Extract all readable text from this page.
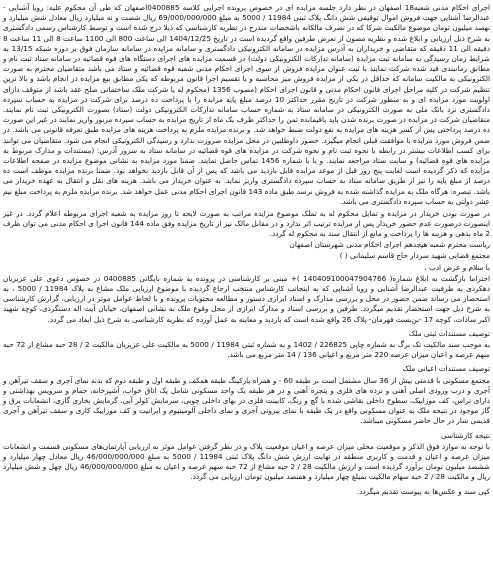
اجرای احکام مدنی شعبه18 اصفهان در نظر دارد جلسه مزایده ای در خصوص پرونده اجرایی کلاسه 0400885اصفهان که طی آن محکوم علیه: رویا آشنایی - عبدالرضا آشنایی جهت فروش اموال توقیفی شش دانگ پلاک ثبتی 11984 / 5000 به مبلغ 69/000/000/000 ریال شصت و نه میلیارد ریال معادل شش میلیارد و نهصد میلیون تومان موضوع مالکیت شرکا که در تصرف مالکانه باشخصات مندرج در نظریه کارشناسی که ذیلا درج شده است و توسط کارشناس رسمی دادگستری به شرح ذیل ارزیابی و ابلاغ شده و نظریه مصون از تعرض طرفین واقع گردیده است در تاریخ 1404/12/25 الی ساعت 800 الی 1100 ساعت 8 الی 11 ساعت 8 دقیقه الی 11 دقیقه که متقاضی و خریداران به آدرس مزایده در سامانه الکترونیکی دادگستری و سامانه مزایده در سامانه سازمان فوق بر دوره شبکه 13/15 به شرایط زمان رسیدگی به سامانه ثبت مزایده (سامانه تدارکات الکترونیکی دولت) در قسمت مزایده های اجرای دستگاه های قوه قضائیه در سامانه ستاد ثبت نام و مطابق زمانبندی قید شده شرکت نمایند با ثبت عنوان مزایده فروش از سوی اجرای احکام مدنی شعبه قوه قضائیه و ستاد می باشد متقاضیان محترم به صورت الکترونیکی به مالکیت سامانه که حداقل در یکی از مزایده فروش میز محاسبه و یا تقسیم اجرا قانون مربوطه که یکی مطابق بیع مزایده در انجام باشد و بالا ترین تنظیم شرکت در کلیه مراحل اجرای قانون احکام مدنی و قانون اجرای احکام (مصوب 1356 (محکوم له یا شرکت ملک ساختمانی صلح عقد باشد از متوقف دارای اولویت مورد مزایده ای و به منظور شرکت در تاریخ مقرر حداکثر 10 درصد مبلغ پایه مزایده را با پرداخت ده درصد برای شرکت در مزایده به حساب سپرده دادگستری نزد بانک ملی به صورت الکترونیکی در سامانه ستاد به شماره حساب سامانه تدارکات الکترونیکی دولت (ستاد) بصورت الکترونیکی ثبت نام نمایند. متقاضیان شرکت در مزایده در صورت برنده شدن باید باقیمانده ثمن را حداکثر ظرف یک ماه از تاریخ مزایده به حساب سپرده مزبور واریز نمایند در غیر این صورت ده درصد پرداختی پس از کسر هزینه های مزایده به نفع دولت ضبط خواهد شد. و برنده مزایده ملزم به پرداخت هزینه های مزایده طبق تعرفه قانونی می باشد. در ضمن فروش مورد مزایده با موافقت قبلی انجام میگیرد. حضور داوطلبین در محل مزایده ضرورت ندارد و رسیدگی الکترونیکی انجام می شود. متقاضیان می توانند برای کسب اطلاعات بیشتر در رابطه با نحوه ثبت نام و نحوه شرکت در مزایده های قوه قضائیه در سامانه ستاد به سرور آدرس: (مستندات و مدارک مربوط به مزایده های قوه قضائیه) و سایت ستاد مراجعه نمایند. و یا با شماره 1456 تماس حاصل نمایند. ضمنا مورد مزایده به نشانی موضوع مزایده در صفحه اطلاعات مزایده که ذکر گردیده است لغایت پنج روز قبل از موعد مزایده قابل بازدید می باشد که پس از آن قابل بازدید نخواهد بود. ضمنا برنده مزایده موظف است ده درصد از مبلغ پایه را نیز از طریق سامانه ستاد به حساب سپرده دادگستری واریز نماید. به عنوان خریدار می باشد. هزینه های نقل و انتقال به عهده خریدار می باشد. تبصره: هرگاه ملک به مزایده گذاشته شده به فروش نرسد طبق ماده 143 قانون اجرای احکام مدنی عمل خواهد شد. برنده مزایده ملزم به پرداخت مبلغ نیم عشر دولتی به حساب سپرده دادگستری می باشد.

در صورت بودن خریدار در مزایده و تمایل محکوم له به تملک موضوع مزایده مراتب به صورت لایحه تا روز مزایده به شعبه اجرای مربوطه اعلام گردد. در غیر اینصورت درصورت عدم حضور خریدار پس از مزایده ترتیب اثر ندارد و در مقابل مالک نیز از تاریخ مزایده وفق ماده 144 قانون اجرا ی احکام مدنی می توان ظرف 2 ماه بدهی و هزینه ها را پرداخت و مانع از انتقال سند به محکوم له گردد.

ریاست محترم شعبه هیجدهم اجرای احکام مدنی شهرستان اصفهان
مجتمع قضایی شهید سردار حاج قاسم سلیمانی ( )
با سلام و عرض ادب ،

احتراما بازگشت به ابلاغ شماره( 140409100047904766 )+ مبنی بر کارشناسی در پرونده به شماره بایگانی 0400885 در خصوص دعوی علی عزیزیان دهکردی به طرفیت عبدالرضا آشنایی و رویا آشنایی که به اینجانب کارشناس منتخب ارجاع گردیده با موضوع ارزیابی ملک مشاع به پلاک 11984 / 5000 ، به استحضار می رساند ضمن حضور در محل و بررسی مدارک و اسناد ابرازی دستور و مطالعه محتویات پرونده و با لحاظ عوامل موثر در ارزیابی، گزارش کارشناسی به شرح ذیل جهت استحضار تقدیم میگردد. طرفین و بررسی اسناد و مدارک ابرازی از محل وقوع ملک به نشانی اصفهان، خیابان آیت اله دستگردی، کوچه شهید اکبر سادات، کوچه 17 -بن‌بست فهرمان- پلاک 26 واقع شده است که بازدید و معاینه به عمل آورده که نظریه کارشناسی به شرح ذیل ایفاد می گردد.

توصیف مستندات ثبتی ملک

به موجب سند مالکیت تک برگ به شماره چاپی 226825 / 1402 و به شماره ثبتی 11984 / 5000 به مالکیت علی عزیزیان مالکیت 2 / 28 حبه مشاع از 72 حبه سهم عرصه و اعیان میزان عرصه 220 متر مربع و اعیانی 136 / 14 متر مربع می باشد.

توصیف مستندات اعیانی ملک

مجتمع مسکونی با قدمتی بیش از 36 سال مشتمل است بر طبقه 60 - و همراه پارکینگ طبقه همکف و طبقه اول و طبقه دوم که بدنه نمای آجری و سقف تیرآهن و آجری و درب ورودی اصلی آهنی و نرده های فلزی و پنجره آهنی و در هر طبقه یک واحد مسکونی شامل یک اتاق خواب، آشپزخانه، حمام و سرویس بهداشتی و دارای تراس، کف موزاییک، سطوح داخلی نقاشی شده با گچ و رنگ، کابینت فلزی در بهای داخلی چوبی، سرمایش کولر آبی، گرمایش بخاری گازی، انشعابات برق و گاز موجود در نتیجه ملک به عنوان مسکونی واقع در یک طبقه با نمای بیرونی آجری و نمای داخلی آلومینیوم و ایرانیت و کف موزاییک کاری و سقف تیرآهن و آجری قدیمی ساز در حال حاضر مسکونی میباشد.

نتیجه کارشناسی

با توجه به موارد فوق الذکر و موقعیت محلی میزان عرصه و اعیان موقعیت پلاک و در نظر گرفتن عوامل موثر به ارزیابی آپارتمان‌های مسکونی قسمت و انشعابات میزان عرصه و اعیان و قدمت و کاربری منطقه در نهایت ارزش شش دانگ پلاک ثبتی 11984 / 5000 به مبلغ 46/000/000/000 ریال معادل چهار میلیارد و ششصد میلیون تومان برآورد گردیده است و ارزش مالکیت 28 / 2 حبه مشاع از 72 حبه سهم عرصه و اعیان به مبلغ 46/000/000/000 ریال چهل و شش میلیارد ریال و مالکیت 28 / 2 حبه سهام مالکیت بمبلغ چهار میلیارد و هفتصد میلیون تومان ارزیابی می گردد.

کپی سند و عکس‌ها به پیوست تقدیم میگردد.
